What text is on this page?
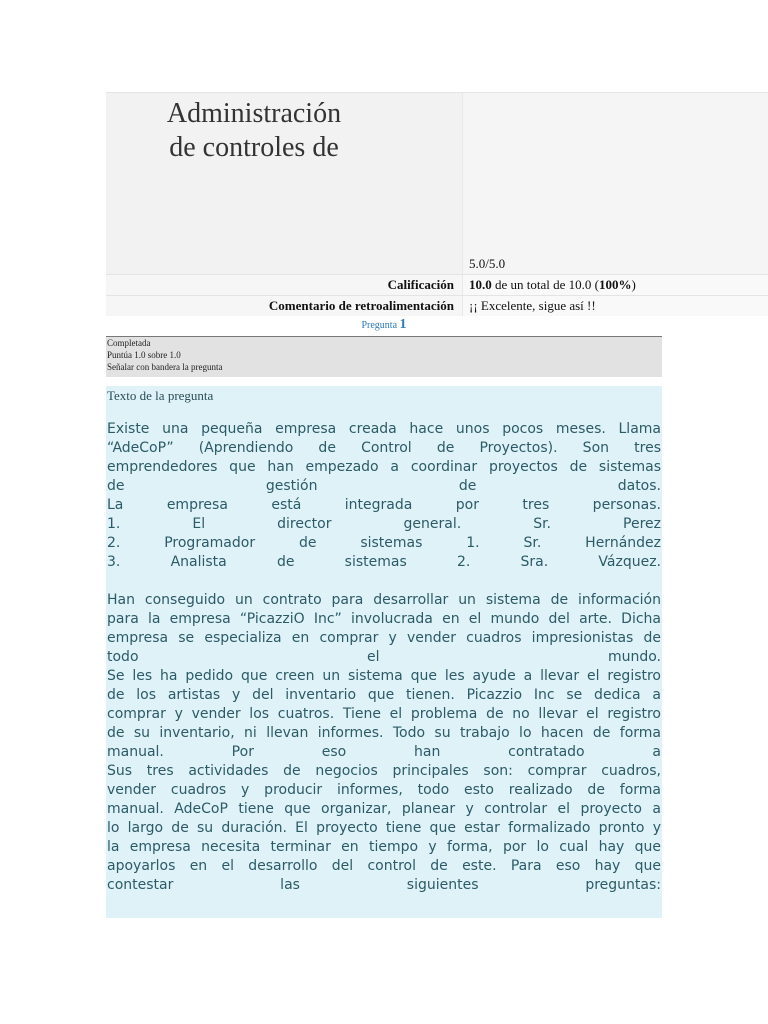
Administración
de controles de
5.0/5.0
Calificación	10.0 de un total de 10.0 (100%)
Comentario de retroalimentación	¡¡ Excelente, sigue así !!
Pregunta 1
Completada
Puntúa 1.0 sobre 1.0
Señalar con bandera la pregunta
Texto de la pregunta

Existe una pequeña empresa creada hace unos pocos meses. Llama
“AdeCoP” (Aprendiendo de Control de Proyectos). Son tres
emprendedores que han empezado a coordinar proyectos de sistemas
de gestión de datos.
La empresa está integrada por tres personas.
1. El director general. Sr. Perez
2. Programador de sistemas 1. Sr. Hernández
3. Analista de sistemas 2. Sra. Vázquez.

Han conseguido un contrato para desarrollar un sistema de información
para la empresa “PicazziO Inc” involucrada en el mundo del arte. Dicha
empresa se especializa en comprar y vender cuadros impresionistas de
todo el mundo.
Se les ha pedido que creen un sistema que les ayude a llevar el registro
de los artistas y del inventario que tienen. Picazzio Inc se dedica a
comprar y vender los cuatros. Tiene el problema de no llevar el registro
de su inventario, ni llevan informes. Todo su trabajo lo hacen de forma
manual. Por eso han contratado a
Sus tres actividades de negocios principales son: comprar cuadros,
vender cuadros y producir informes, todo esto realizado de forma
manual. AdeCoP tiene que organizar, planear y controlar el proyecto a
lo largo de su duración. El proyecto tiene que estar formalizado pronto y
la empresa necesita terminar en tiempo y forma, por lo cual hay que
apoyarlos en el desarrollo del control de este. Para eso hay que
contestar las siguientes preguntas:
